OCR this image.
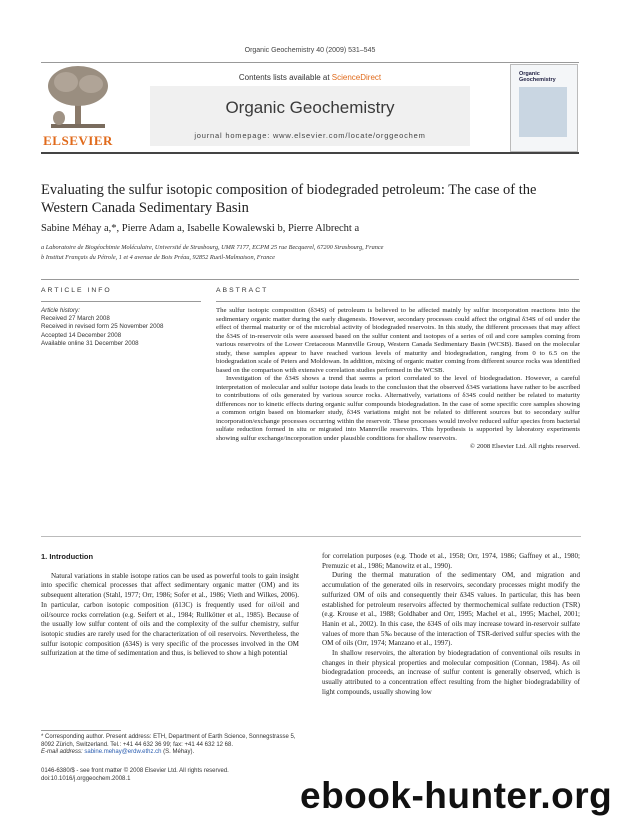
Organic Geochemistry 40 (2009) 531–545
ELSEVIER
Contents lists available at ScienceDirect
Organic Geochemistry
journal homepage: www.elsevier.com/locate/orggeochem
Organic Geochemistry
Evaluating the sulfur isotopic composition of biodegraded petroleum: The case of the Western Canada Sedimentary Basin
Sabine Méhay a,*, Pierre Adam a, Isabelle Kowalewski b, Pierre Albrecht a
a Laboratoire de Biogéochimie Moléculaire, Université de Strasbourg, UMR 7177, ECPM 25 rue Becquerel, 67200 Strasbourg, France
b Institut Français du Pétrole, 1 et 4 avenue de Bois Préau, 92852 Rueil-Malmaison, France
ARTICLE INFO	ABSTRACT
Article history:
Received 27 March 2008
Received in revised form 25 November 2008
Accepted 14 December 2008
Available online 31 December 2008

The sulfur isotopic composition (δ34S) of petroleum is believed to be affected mainly by sulfur incorporation reactions into the sedimentary organic matter during the early diagenesis. However, secondary processes could affect the original δ34S of oil under the effect of thermal maturity or of the microbial activity of biodegraded reservoirs. In this study, the different processes that may affect the δ34S of in-reservoir oils were assessed based on the sulfur content and isotopes of a series of oil and core samples coming from various reservoirs of the Lower Cretaceous Mannville Group, Western Canada Sedimentary Basin (WCSB). Based on the molecular study, these samples appear to have reached various levels of maturity and biodegradation, ranging from 0 to 6.5 on the biodegradation scale of Peters and Moldowan. In addition, mixing of organic matter coming from different source rocks was identified based on the comparison with extensive correlation studies performed in the WCSB.

Investigation of the δ34S shows a trend that seems a priori correlated to the level of biodegradation. However, a careful interpretation of molecular and sulfur isotope data leads to the conclusion that the observed δ34S variations have rather to be ascribed to contributions of oils generated by various source rocks. Alternatively, variations of δ34S could neither be related to maturity differences nor to kinetic effects during organic sulfur compounds biodegradation. In the case of some specific core samples showing a common origin based on biomarker study, δ34S variations might not be related to different sources but to secondary sulfur incorporation/exchange processes occurring within the reservoir. These processes would involve reduced sulfur species from bacterial sulfate reduction formed in situ or migrated into Mannville reservoirs. This hypothesis is supported by laboratory experiments showing sulfur exchange/incorporation under plausible conditions for shallow reservoirs.

© 2008 Elsevier Ltd. All rights reserved.
1. Introduction

Natural variations in stable isotope ratios can be used as powerful tools to gain insight into specific chemical processes that affect sedimentary organic matter (OM) and its subsequent alteration (Stahl, 1977; Orr, 1986; Sofer et al., 1986; Vieth and Wilkes, 2006). In particular, carbon isotopic composition (δ13C) is frequently used for oil/oil and oil/source rocks correlation (e.g. Seifert et al., 1984; Rullkötter et al., 1985). Because of the usually low sulfur content of oils and the complexity of the sulfur chemistry, sulfur isotopic studies are rarely used for the characterization of oil reservoirs. Nevertheless, the sulfur isotopic composition (δ34S) is very specific of the processes involved in the OM sulfurization at the time of sedimentation and thus, is believed to show a high potential

for correlation purposes (e.g. Thode et al., 1958; Orr, 1974, 1986; Gaffney et al., 1980; Premuzic et al., 1986; Manowitz et al., 1990).

During the thermal maturation of the sedimentary OM, and migration and accumulation of the generated oils in reservoirs, secondary processes might modify the sulfurized OM of oils and consequently their δ34S values. In particular, this has been established for petroleum reservoirs affected by thermochemical sulfate reduction (TSR) (e.g. Krouse et al., 1988; Goldhaber and Orr, 1995; Machel et al., 1995; Machel, 2001; Hanin et al., 2002). In this case, the δ34S of oils may increase toward in-reservoir sulfate values of more than 5‰ because of the interaction of TSR-derived sulfur species with the OM of oils (Orr, 1974; Manzano et al., 1997).

In shallow reservoirs, the alteration by biodegradation of conventional oils results in changes in their physical properties and molecular composition (Connan, 1984). As oil biodegradation proceeds, an increase of sulfur content is generally observed, which is usually attributed to a concentration effect resulting from the higher biodegradability of light compounds, usually showing low

* Corresponding author. Present address: ETH, Department of Earth Science, Sonnegstrasse 5, 8092 Zürich, Switzerland. Tel.: +41 44 632 36 99; fax: +41 44 632 12 68.
E-mail address: sabine.mehay@erdw.ethz.ch (S. Méhay).
0146-6380/$ - see front matter © 2008 Elsevier Ltd. All rights reserved.
doi:10.1016/j.orggeochem.2008.1	ebook-hunter.org
